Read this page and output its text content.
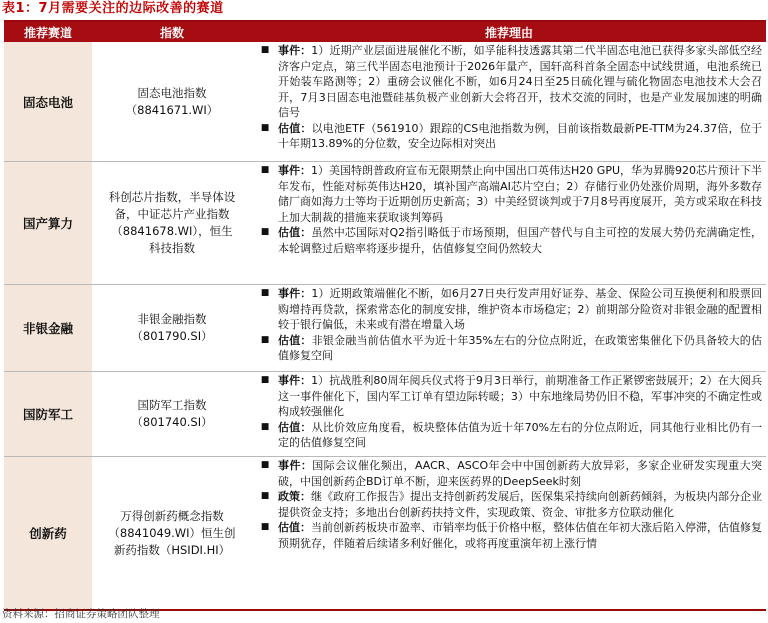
表1：7月需要关注的边际改善的赛道
推荐赛道	指数	推荐理由
固态电池
固态电池指数（8841671.WI）
■
事件：1）近期产业层面进展催化不断，如孚能科技透露其第二代半固态电池已获得多家头部低空经济客户定点，第三代半固态电池预计于2026年量产，国轩高科首条全固态中试线贯通，电池系统已开始装车路测等；2）重磅会议催化不断，如6月24日至25日硫化锂与硫化物固态电池技术大会召开，7月3日固态电池暨硅基负极产业创新大会将召开，技术交流的同时，也是产业发展加速的明确信号
■
估值：以电池ETF（561910）跟踪的CS电池指数为例，目前该指数最新PE-TTM为24.37倍，位于十年期13.89%的分位数，安全边际相对突出
国产算力
科创芯片指数，半导体设备，中证芯片产业指数（8841678.WI），恒生科技指数
■
事件：1）美国特朗普政府宣布无限期禁止向中国出口英伟达H20 GPU，华为昇腾920芯片预计下半年发布，性能对标英伟达H20，填补国产高端AI芯片空白；2）存储行业仍处涨价周期，海外多数存储厂商如海力士等均于近期创历史新高；3）中美经贸谈判或于7月8号再度展开，美方或采取在科技上加大制裁的措施来获取谈判筹码
■
估值：虽然中芯国际对Q2指引略低于市场预期，但国产替代与自主可控的发展大势仍充满确定性，本轮调整过后赔率将逐步提升，估值修复空间仍然较大
非银金融
非银金融指数（801790.SI）
■
事件：1）近期政策端催化不断，如6月27日央行发声用好证券、基金、保险公司互换便利和股票回购增持再贷款，探索常态化的制度安排，维护资本市场稳定；2）前期部分险资对非银金融的配置相较于银行偏低，未来或有潜在增量入场
■
估值：非银金融当前估值水平为近十年35%左右的分位点附近，在政策密集催化下仍具备较大的估值修复空间
国防军工
国防军工指数（801740.SI）
■
事件：1）抗战胜利80周年阅兵仪式将于9月3日举行，前期准备工作正紧锣密鼓展开；2）在大阅兵这一事件催化下，国内军工订单有望边际转暖；3）中东地缘局势仍旧不稳，军事冲突的不确定性或构成较强催化
■
估值：从比价效应角度看，板块整体估值为近十年70%左右的分位点附近，同其他行业相比仍有一定的估值修复空间
创新药
万得创新药概念指数（8841049.WI）恒生创新药指数（HSIDI.HI）
■
事件：国际会议催化频出，AACR、ASCO年会中中国创新药大放异彩，多家企业研发实现重大突破，中国创新药企BD订单不断，迎来医药界的DeepSeek时刻
■
政策：继《政府工作报告》提出支持创新药发展后，医保集采持续向创新药倾斜，为板块内部分企业提供资金支持；多地出台创新药扶持文件，实现政策、资金、审批多方位联动催化
■
估值：当前创新药板块市盈率、市销率均低于价格中枢，整体估值在年初大涨后陷入停滞，估值修复预期犹存，伴随着后续诸多利好催化，或将再度重演年初上涨行情
资料来源：招商证券策略团队整理
